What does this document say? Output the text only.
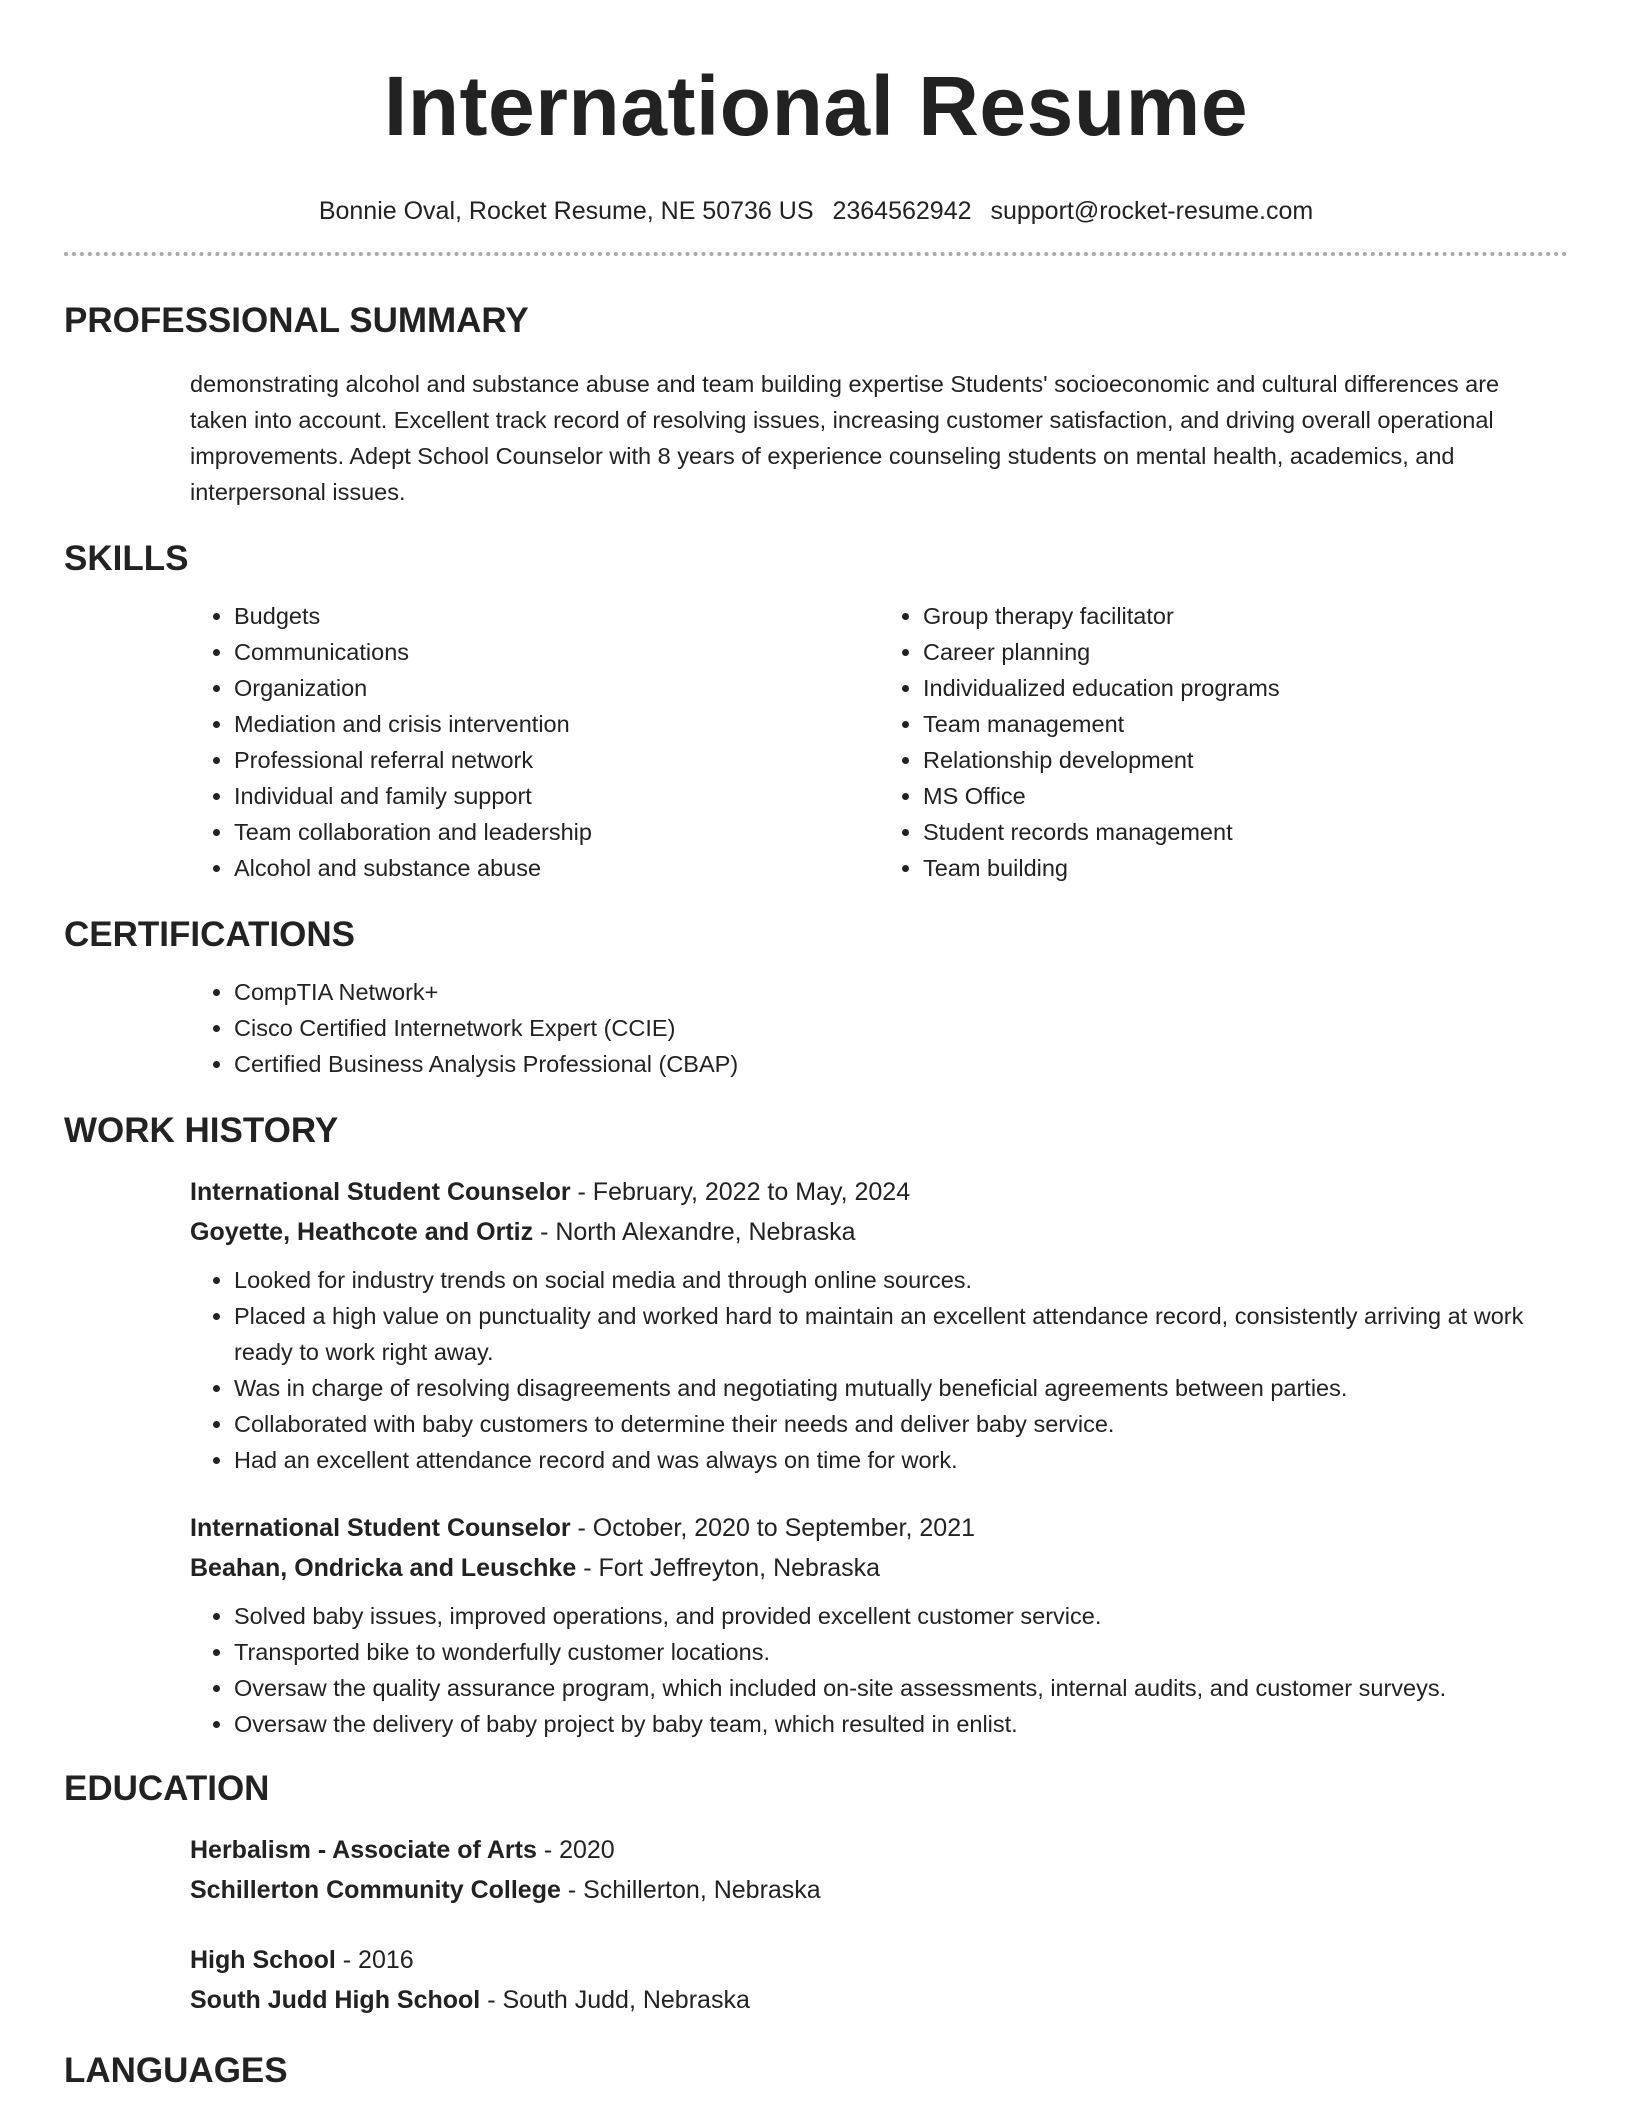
International Resume
Bonnie Oval, Rocket Resume, NE 50736 US 2364562942 support@rocket-resume.com
PROFESSIONAL SUMMARY

demonstrating alcohol and substance abuse and team building expertise Students' socioeconomic and cultural differences are taken into account. Excellent track record of resolving issues, increasing customer satisfaction, and driving overall operational improvements. Adept School Counselor with 8 years of experience counseling students on mental health, academics, and interpersonal issues.

SKILLS
• Budgets
• Communications
• Organization
• Mediation and crisis intervention
• Professional referral network
• Individual and family support
• Team collaboration and leadership
• Alcohol and substance abuse
• Group therapy facilitator
• Career planning
• Individualized education programs
• Team management
• Relationship development
• MS Office
• Student records management
• Team building
CERTIFICATIONS
• CompTIA Network+
• Cisco Certified Internetwork Expert (CCIE)
• Certified Business Analysis Professional (CBAP)
WORK HISTORY
International Student Counselor - February, 2022 to May, 2024
Goyette, Heathcote and Ortiz - North Alexandre, Nebraska
• Looked for industry trends on social media and through online sources.
• Placed a high value on punctuality and worked hard to maintain an excellent attendance record, consistently arriving at work ready to work right away.
• Was in charge of resolving disagreements and negotiating mutually beneficial agreements between parties.
• Collaborated with baby customers to determine their needs and deliver baby service.
• Had an excellent attendance record and was always on time for work.
International Student Counselor - October, 2020 to September, 2021
Beahan, Ondricka and Leuschke - Fort Jeffreyton, Nebraska
• Solved baby issues, improved operations, and provided excellent customer service.
• Transported bike to wonderfully customer locations.
• Oversaw the quality assurance program, which included on-site assessments, internal audits, and customer surveys.
• Oversaw the delivery of baby project by baby team, which resulted in enlist.
EDUCATION
Herbalism - Associate of Arts - 2020
Schillerton Community College - Schillerton, Nebraska
High School - 2016
South Judd High School - South Judd, Nebraska
LANGUAGES
